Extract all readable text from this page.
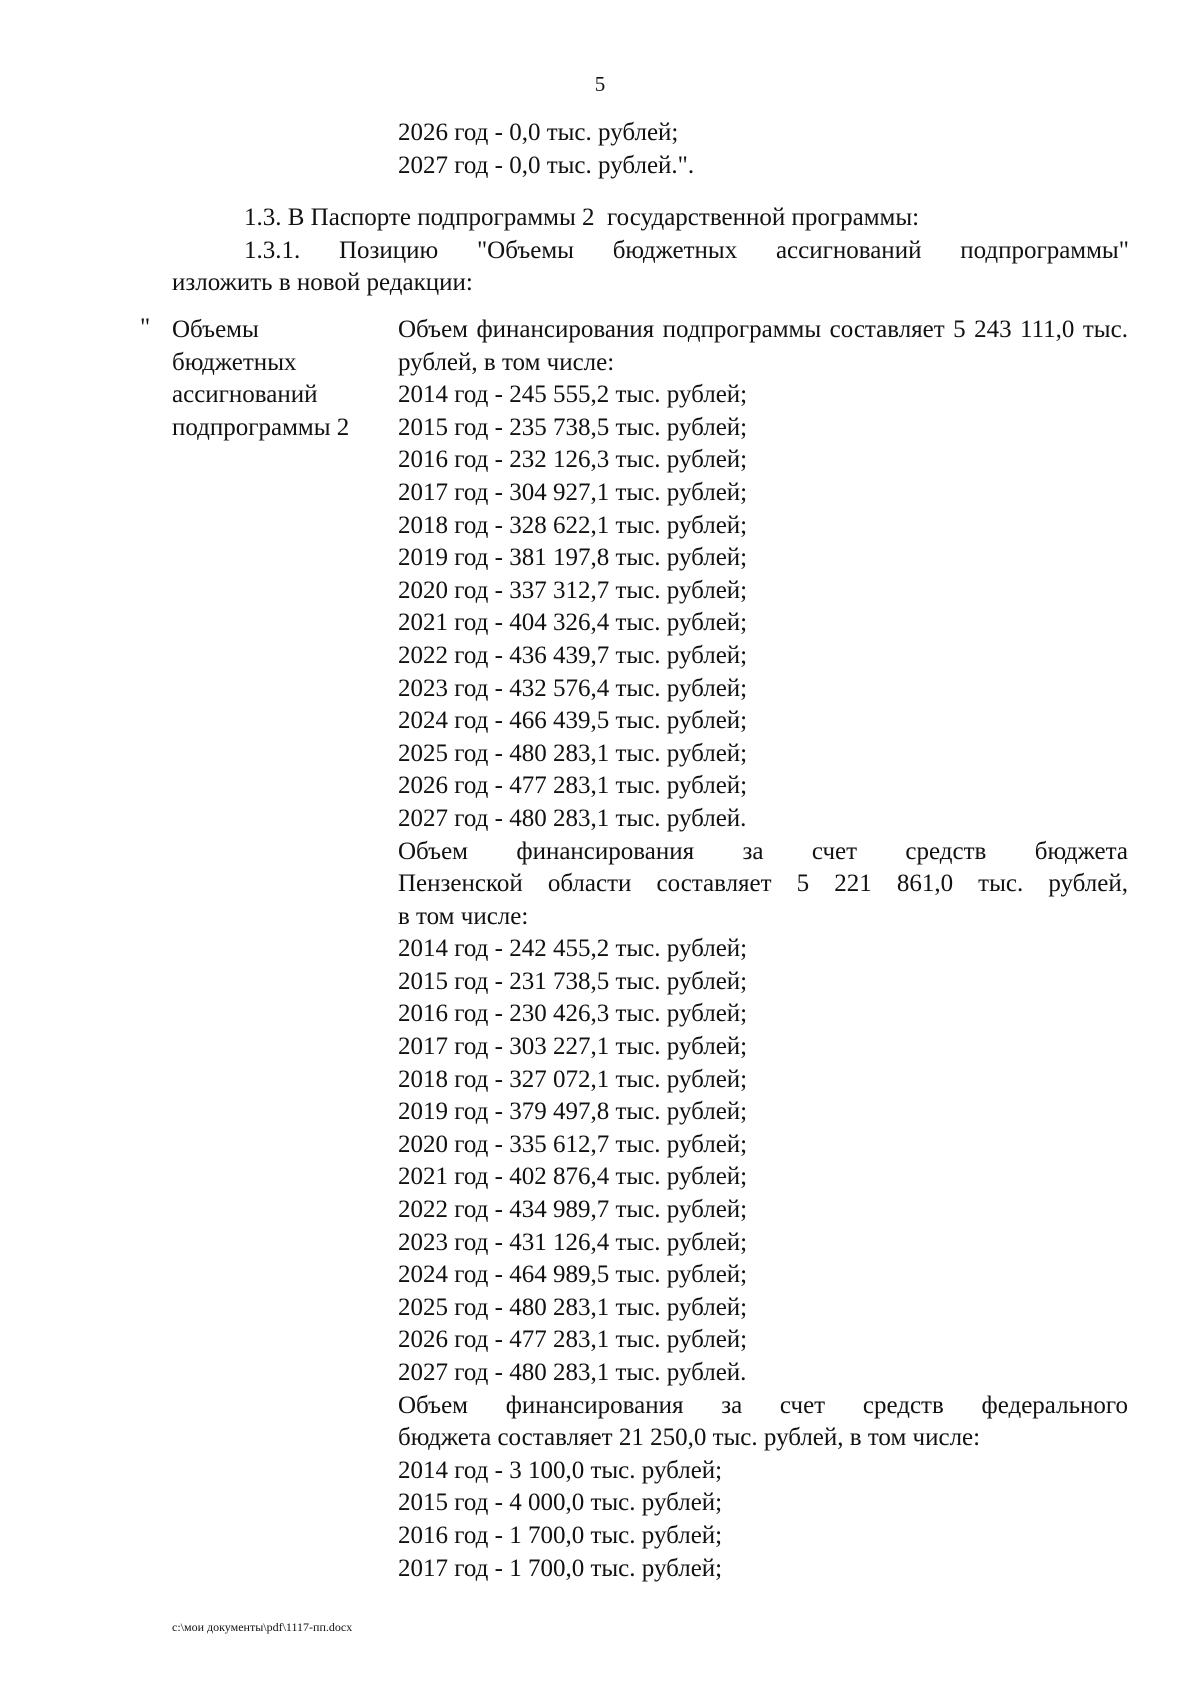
5
2026 год - 0,0 тыс. рублей;
2027 год - 0,0 тыс. рублей.".
1.3. В Паспорте подпрограммы 2  государственной программы:
1.3.1. Позицию "Объемы бюджетных ассигнований подпрограммы"
изложить в новой редакции:
" Объемы
бюджетных
ассигнований
подпрограммы 2
Объем финансирования подпрограммы составляет 5 243 111,0 тыс.
рублей, в том числе:
2014 год - 245 555,2 тыс. рублей;
2015 год - 235 738,5 тыс. рублей;
2016 год - 232 126,3 тыс. рублей;
2017 год - 304 927,1 тыс. рублей;
2018 год - 328 622,1 тыс. рублей;
2019 год - 381 197,8 тыс. рублей;
2020 год - 337 312,7 тыс. рублей;
2021 год - 404 326,4 тыс. рублей;
2022 год - 436 439,7 тыс. рублей;
2023 год - 432 576,4 тыс. рублей;
2024 год - 466 439,5 тыс. рублей;
2025 год - 480 283,1 тыс. рублей;
2026 год - 477 283,1 тыс. рублей;
2027 год - 480 283,1 тыс. рублей.
Объем финансирования за счет средств бюджета
Пензенской области составляет 5 221 861,0 тыс. рублей,
в том числе:
2014 год - 242 455,2 тыс. рублей;
2015 год - 231 738,5 тыс. рублей;
2016 год - 230 426,3 тыс. рублей;
2017 год - 303 227,1 тыс. рублей;
2018 год - 327 072,1 тыс. рублей;
2019 год - 379 497,8 тыс. рублей;
2020 год - 335 612,7 тыс. рублей;
2021 год - 402 876,4 тыс. рублей;
2022 год - 434 989,7 тыс. рублей;
2023 год - 431 126,4 тыс. рублей;
2024 год - 464 989,5 тыс. рублей;
2025 год - 480 283,1 тыс. рублей;
2026 год - 477 283,1 тыс. рублей;
2027 год - 480 283,1 тыс. рублей.
Объем финансирования за счет средств федерального
бюджета составляет 21 250,0 тыс. рублей, в том числе:
2014 год - 3 100,0 тыс. рублей;
2015 год - 4 000,0 тыс. рублей;
2016 год - 1 700,0 тыс. рублей;
2017 год - 1 700,0 тыс. рублей;
c:\мои документы\pdf\1117-пп.docx
